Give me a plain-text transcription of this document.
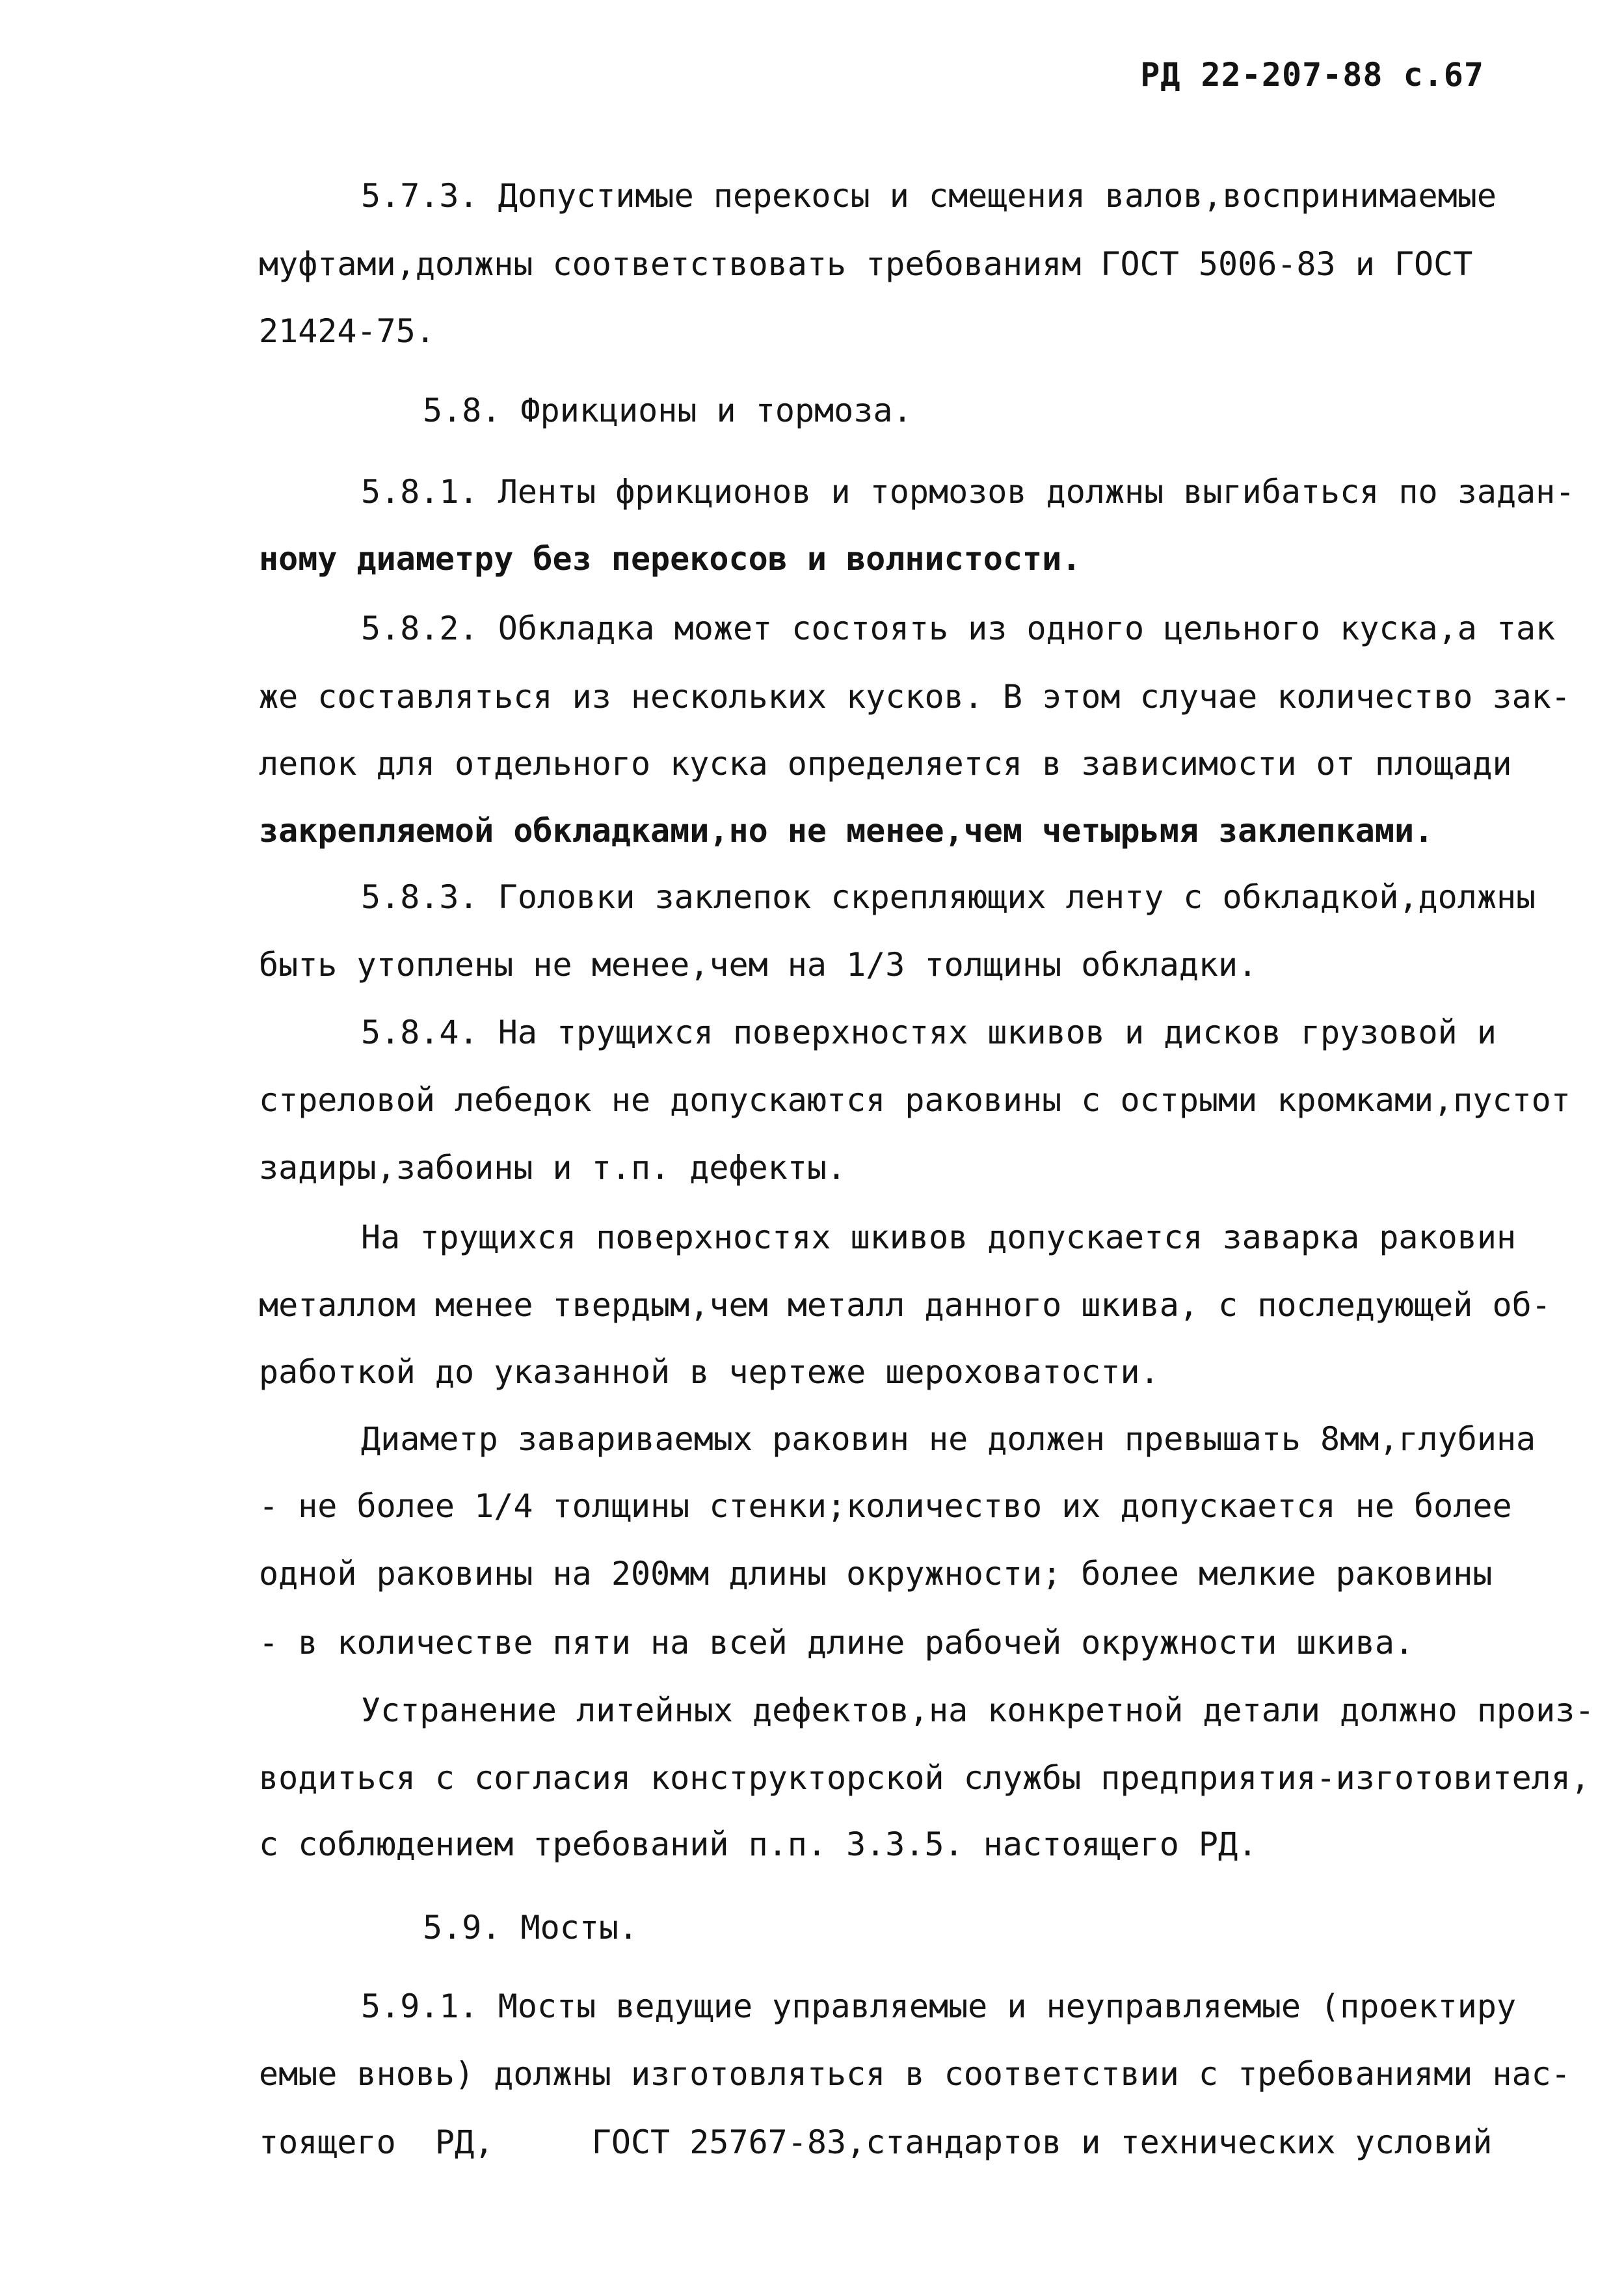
РД 22-207-88 с.67
5.7.3. Допустимые перекосы и смещения валов,воспринимаемые
муфтами,должны соответствовать требованиям ГОСТ 5006-83 и ГОСТ
21424-75.
5.8. Фрикционы и тормоза.
5.8.1. Ленты фрикционов и тормозов должны выгибаться по задан-
ному диаметру без перекосов и волнистости.
5.8.2. Обкладка может состоять из одного цельного куска,а так
же составляться из нескольких кусков. В этом случае количество зак-
лепок для отдельного куска определяется в зависимости от площади
закрепляемой обкладками,но не менее,чем четырьмя заклепками.
5.8.3. Головки заклепок скрепляющих ленту с обкладкой,должны
быть утоплены не менее,чем на 1/3 толщины обкладки.
5.8.4. На трущихся поверхностях шкивов и дисков грузовой и
стреловой лебедок не допускаются раковины с острыми кромками,пустот
задиры,забоины и т.п. дефекты.
На трущихся поверхностях шкивов допускается заварка раковин
металлом менее твердым,чем металл данного шкива, с последующей об-
работкой до указанной в чертеже шероховатости.
Диаметр завариваемых раковин не должен превышать 8мм,глубина
- не более 1/4 толщины стенки;количество их допускается не более
одной раковины на 200мм длины окружности; более мелкие раковины
- в количестве пяти на всей длине рабочей окружности шкива.
Устранение литейных дефектов,на конкретной детали должно произ-
водиться с согласия конструкторской службы предприятия-изготовителя,
с соблюдением требований п.п. 3.3.5. настоящего РД.
5.9. Мосты.
5.9.1. Мосты ведущие управляемые и неуправляемые (проектиру
емые вновь) должны изготовляться в соответствии с требованиями нас-
тоящего  РД,     ГОСТ 25767-83,стандартов и технических условий
